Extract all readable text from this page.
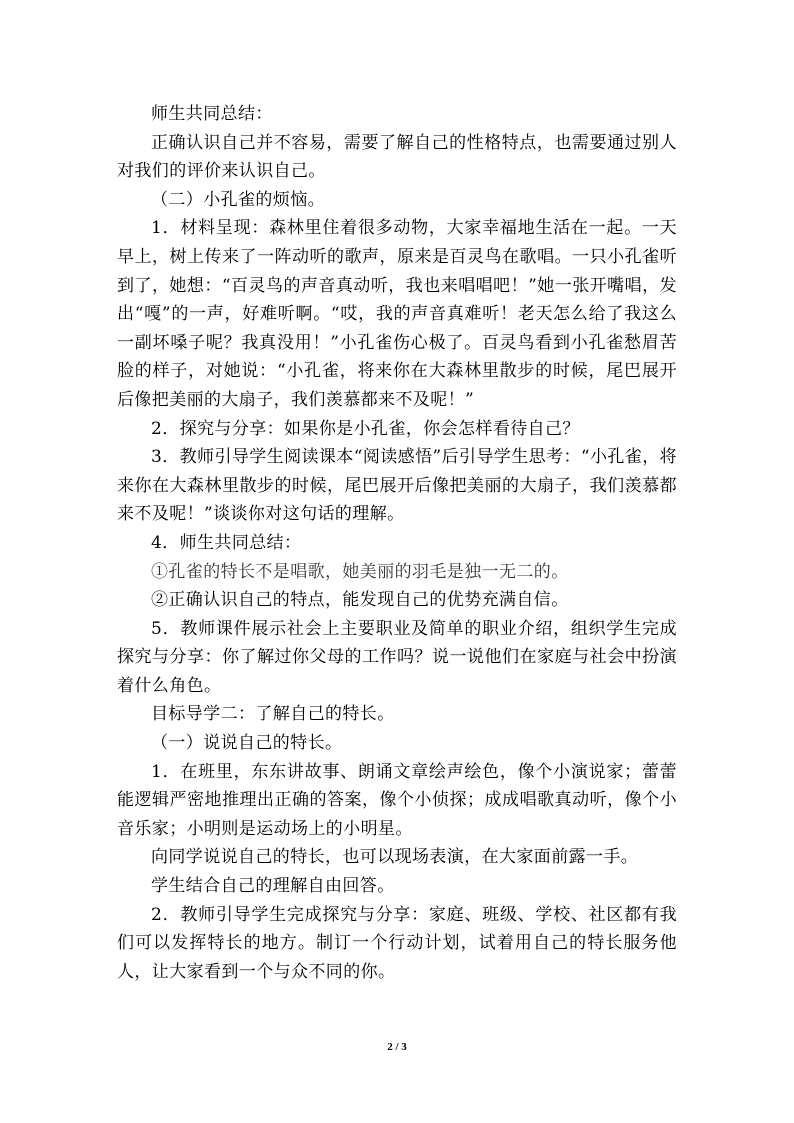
师生共同总结：

正确认识自己并不容易，需要了解自己的性格特点，也需要通过别人对我们的评价来认识自己。

（二）小孔雀的烦恼。

1．材料呈现：森林里住着很多动物，大家幸福地生活在一起。一天早上，树上传来了一阵动听的歌声，原来是百灵鸟在歌唱。一只小孔雀听到了，她想：“百灵鸟的声音真动听，我也来唱唱吧！”她一张开嘴唱，发出“嘎”的一声，好难听啊。“哎，我的声音真难听！老天怎么给了我这么一副坏嗓子呢？我真没用！”小孔雀伤心极了。百灵鸟看到小孔雀愁眉苦脸的样子，对她说：“小孔雀，将来你在大森林里散步的时候，尾巴展开后像把美丽的大扇子，我们羡慕都来不及呢！”

2．探究与分享：如果你是小孔雀，你会怎样看待自己？

3．教师引导学生阅读课本“阅读感悟”后引导学生思考：“小孔雀，将来你在大森林里散步的时候，尾巴展开后像把美丽的大扇子，我们羡慕都来不及呢！”谈谈你对这句话的理解。

4．师生共同总结：

①孔雀的特长不是唱歌，她美丽的羽毛是独一无二的。

②正确认识自己的特点，能发现自己的优势充满自信。

5．教师课件展示社会上主要职业及简单的职业介绍，组织学生完成探究与分享：你了解过你父母的工作吗？说一说他们在家庭与社会中扮演着什么角色。

目标导学二：了解自己的特长。

（一）说说自己的特长。

1．在班里，东东讲故事、朗诵文章绘声绘色，像个小演说家；蕾蕾能逻辑严密地推理出正确的答案，像个小侦探；成成唱歌真动听，像个小音乐家；小明则是运动场上的小明星。

向同学说说自己的特长，也可以现场表演，在大家面前露一手。

学生结合自己的理解自由回答。

2．教师引导学生完成探究与分享：家庭、班级、学校、社区都有我们可以发挥特长的地方。制订一个行动计划，试着用自己的特长服务他人，让大家看到一个与众不同的你。

2 / 3
